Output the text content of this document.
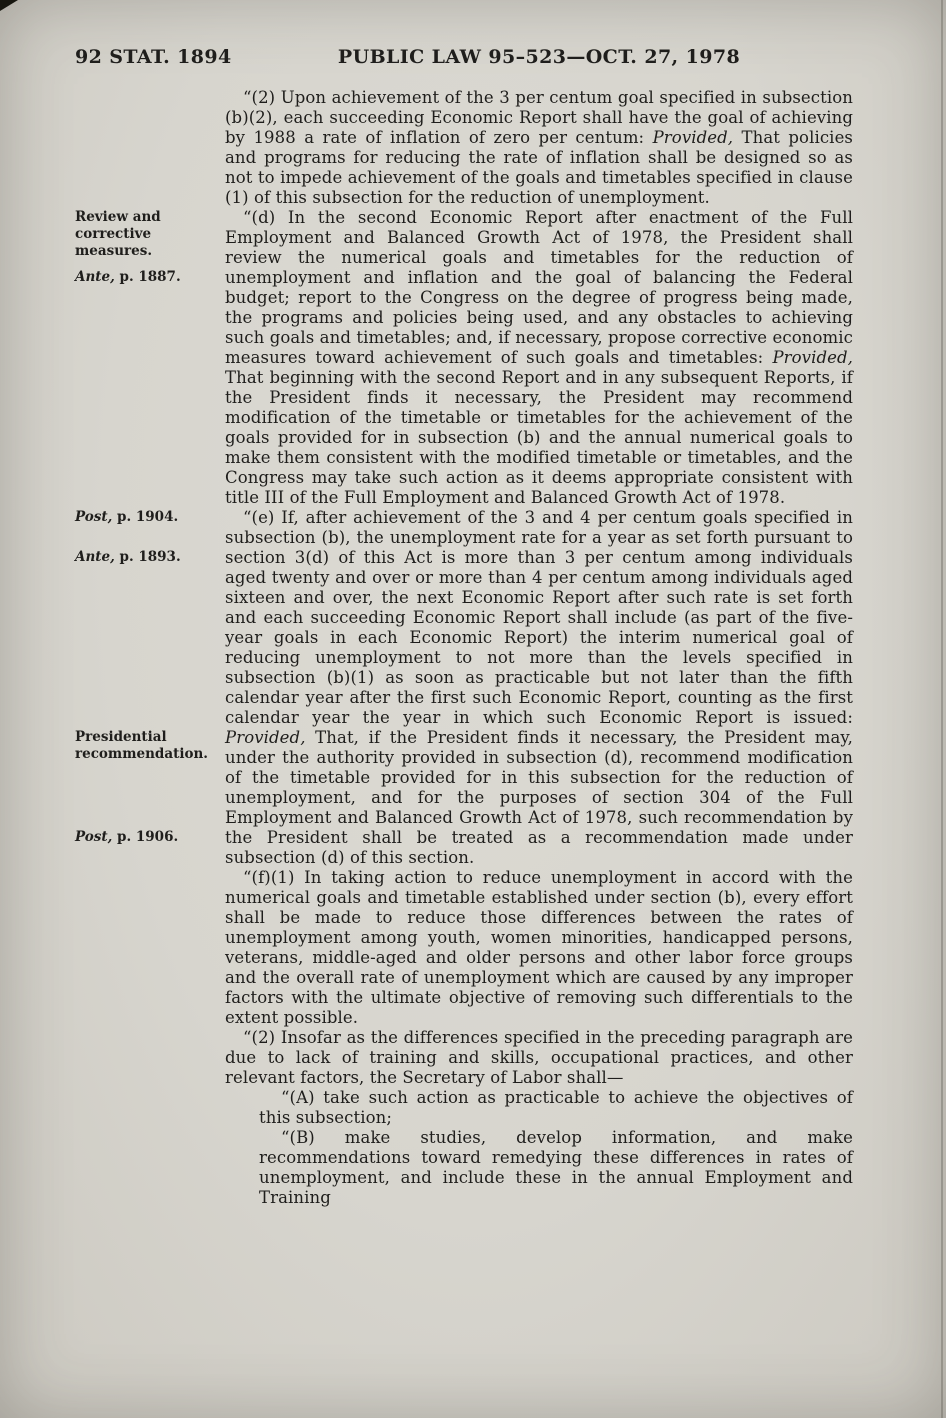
92 STAT. 1894	PUBLIC LAW 95–523—OCT. 27, 1978
“(2) Upon achievement of the 3 per centum goal specified in subsection (b)(2), each succeeding Economic Report shall have the goal of achieving by 1988 a rate of inflation of zero per centum: Provided, That policies and programs for reducing the rate of inflation shall be designed so as not to impede achievement of the goals and timetables specified in clause (1) of this subsection for the reduction of unemployment.
Review and corrective measures.
Ante, p. 1887.
Post, p. 1904.
“(d) In the second Economic Report after enactment of the Full Employment and Balanced Growth Act of 1978, the President shall review the numerical goals and timetables for the reduction of unemployment and inflation and the goal of balancing the Federal budget; report to the Congress on the degree of progress being made, the programs and policies being used, and any obstacles to achieving such goals and timetables; and, if necessary, propose corrective economic measures toward achievement of such goals and timetables: Provided, That beginning with the second Report and in any subsequent Reports, if the President finds it necessary, the President may recommend modification of the timetable or timetables for the achievement of the goals provided for in subsection (b) and the annual numerical goals to make them consistent with the modified timetable or timetables, and the Congress may take such action as it deems appropriate consistent with title III of the Full Employment and Balanced Growth Act of 1978.
Ante, p. 1893.
Presidential recommendation.
Post, p. 1906.
“(e) If, after achievement of the 3 and 4 per centum goals specified in subsection (b), the unemployment rate for a year as set forth pursuant to section 3(d) of this Act is more than 3 per centum among individuals aged twenty and over or more than 4 per centum among individuals aged sixteen and over, the next Economic Report after such rate is set forth and each succeeding Economic Report shall include (as part of the five-year goals in each Economic Report) the interim numerical goal of reducing unemployment to not more than the levels specified in subsection (b)(1) as soon as practicable but not later than the fifth calendar year after the first such Economic Report, counting as the first calendar year the year in which such Economic Report is issued: Provided, That, if the President finds it necessary, the President may, under the authority provided in subsection (d), recommend modification of the timetable provided for in this subsection for the reduction of unemployment, and for the purposes of section 304 of the Full Employment and Balanced Growth Act of 1978, such recommendation by the President shall be treated as a recommendation made under subsection (d) of this section.
“(f)(1) In taking action to reduce unemployment in accord with the numerical goals and timetable established under section (b), every effort shall be made to reduce those differences between the rates of unemployment among youth, women minorities, handicapped persons, veterans, middle-aged and older persons and other labor force groups and the overall rate of unemployment which are caused by any improper factors with the ultimate objective of removing such differentials to the extent possible.
“(2) Insofar as the differences specified in the preceding paragraph are due to lack of training and skills, occupational practices, and other relevant factors, the Secretary of Labor shall—
“(A) take such action as practicable to achieve the objectives of this subsection;
“(B) make studies, develop information, and make recommendations toward remedying these differences in rates of unemployment, and include these in the annual Employment and Training
